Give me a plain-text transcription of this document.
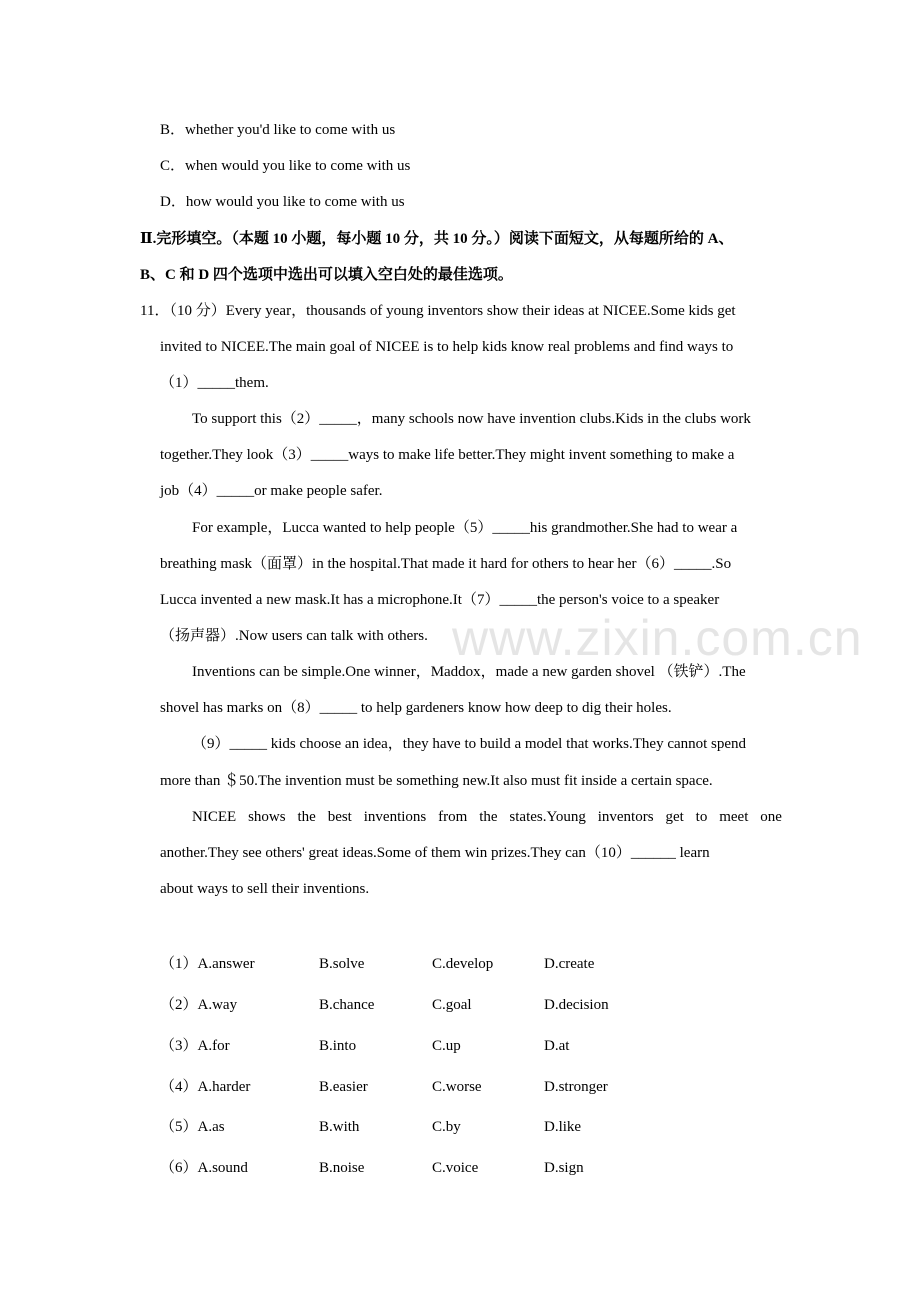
B．whether you'd like to come with us
C．when would you like to come with us
D．how would you like to come with us
Ⅱ.完形填空。（本题 10 小题，每小题 10 分，共 10 分。）阅读下面短文，从每题所给的 A、
B、C 和 D 四个选项中选出可以填入空白处的最佳选项。
11．（10 分）Every year，thousands of young inventors show their ideas at NICEE.Some kids get
invited to NICEE.The main goal of NICEE is to help kids know real problems and find ways to
（1）_____them.
To support this（2）_____，many schools now have invention clubs.Kids in the clubs work
together.They look（3）_____ways to make life better.They might invent something to make a
job（4）_____or make people safer.
For example，Lucca wanted to help people（5）_____his grandmother.She had to wear a
breathing mask（面罩）in the hospital.That made it hard for others to hear her（6）_____.So
Lucca invented a new mask.It has a microphone.It（7）_____the person's voice to a speaker
（扬声器）.Now users can talk with others.
Inventions can be simple.One winner，Maddox，made a new garden shovel （铁铲）.The
shovel has marks on（8）_____ to help gardeners know how deep to dig their holes.
（9）_____ kids choose an idea，they have to build a model that works.They cannot spend
more than ＄50.The invention must be something new.It also must fit inside a certain space.
NICEE shows the best inventions from the states.Young inventors get to meet one
another.They see others' great ideas.Some of them win prizes.They can（10）______ learn
about ways to sell their inventions.
www.zixin.com.cn
（1）A.answer	B.solve	C.develop	D.create
（2）A.way	B.chance	C.goal	D.decision
（3）A.for	B.into	C.up	D.at
（4）A.harder	B.easier	C.worse	D.stronger
（5）A.as	B.with	C.by	D.like
（6）A.sound	B.noise	C.voice	D.sign
